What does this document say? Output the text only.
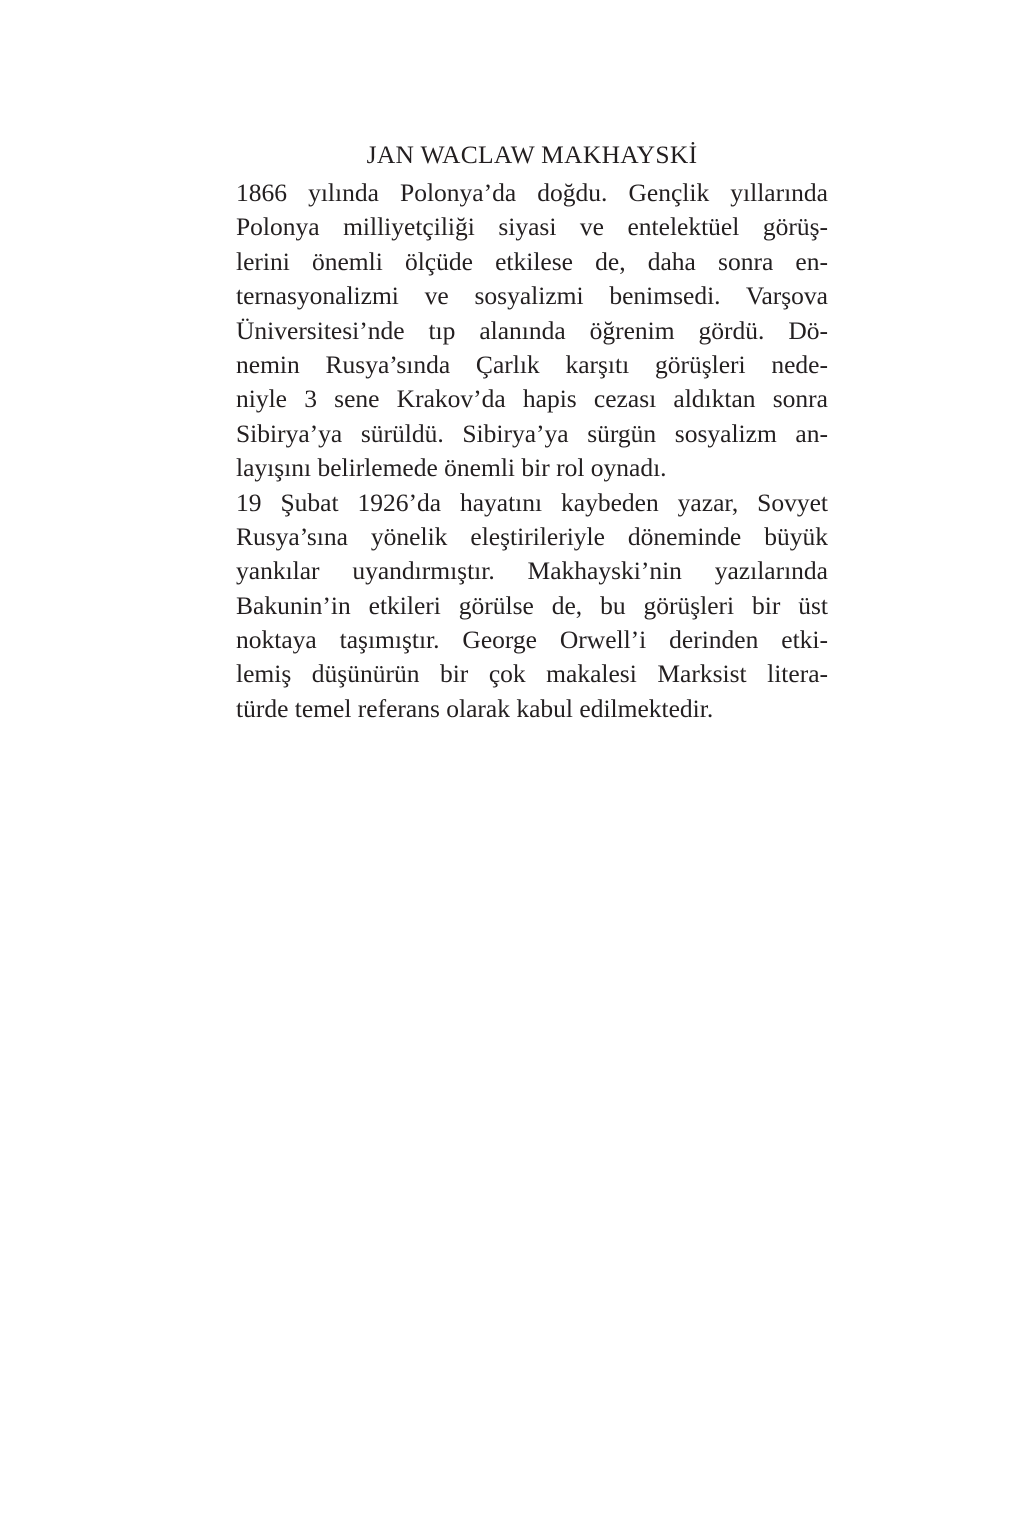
JAN WACLAW MAKHAYSKİ
1866 yılında Polonya’da doğdu. Gençlik yıllarında
Polonya milliyetçiliği siyasi ve entelektüel görüş-
lerini önemli ölçüde etkilese de, daha sonra en-
ternasyonalizmi ve sosyalizmi benimsedi. Varşova
Üniversitesi’nde tıp alanında öğrenim gördü. Dö-
nemin Rusya’sında Çarlık karşıtı görüşleri nede-
niyle 3 sene Krakov’da hapis cezası aldıktan sonra
Sibirya’ya sürüldü. Sibirya’ya sürgün sosyalizm an-
layışını belirlemede önemli bir rol oynadı.
19 Şubat 1926’da hayatını kaybeden yazar, Sovyet
Rusya’sına yönelik eleştirileriyle döneminde büyük
yankılar uyandırmıştır. Makhayski’nin yazılarında
Bakunin’in etkileri görülse de, bu görüşleri bir üst
noktaya taşımıştır. George Orwell’i derinden etki-
lemiş düşünürün bir çok makalesi Marksist litera-
türde temel referans olarak kabul edilmektedir.
